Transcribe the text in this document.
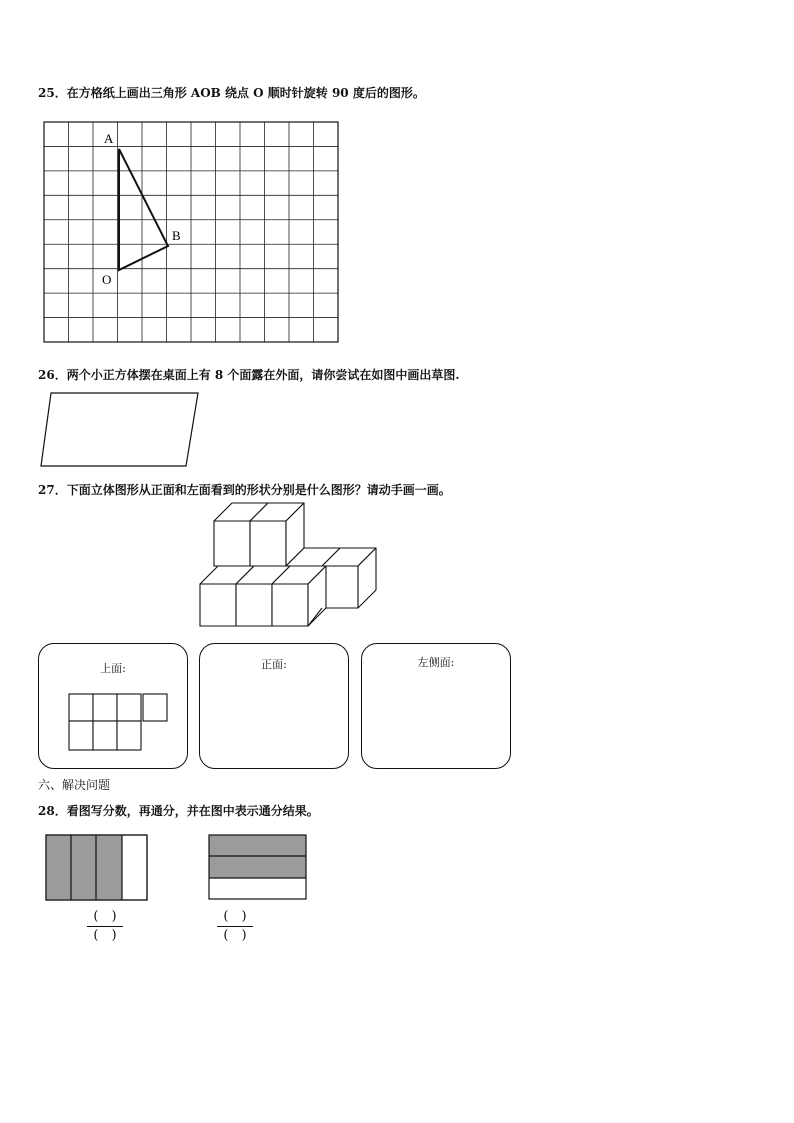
25．在方格纸上画出三角形 AOB 绕点 O 顺时针旋转 90 度后的图形。
A
B
O
26．两个小正方体摆在桌面上有 8 个面露在外面，请你尝试在如图中画出草图.
27．下面立体图形从正面和左面看到的形状分别是什么图形？请动手画一画。
上面:	正面:	左侧面:
六、解决问题
28．看图写分数，再通分，并在图中表示通分结果。
(　)
(　)
(　)
(　)
